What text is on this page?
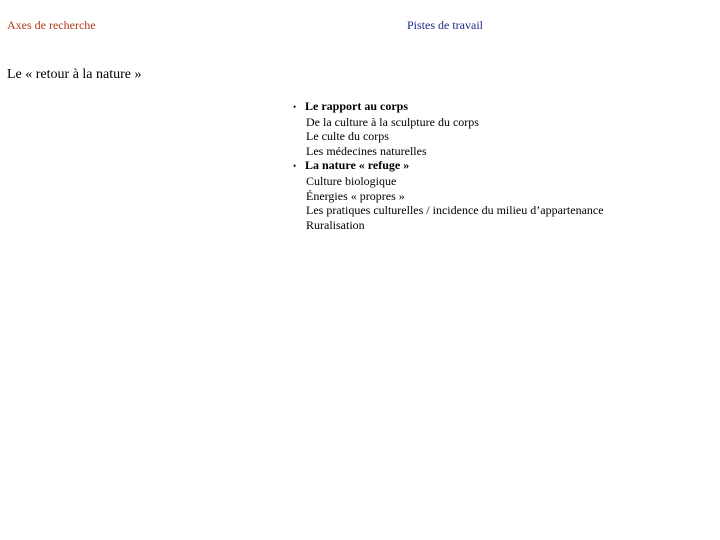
Axes de recherche	Pistes de travail
Le « retour à la nature »
• Le rapport au corps
De la culture à la sculpture du corps
Le culte du corps
Les médecines naturelles
• La nature « refuge »
Culture biologique
Énergies « propres »
Les pratiques culturelles / incidence du milieu d’appartenance
Ruralisation
